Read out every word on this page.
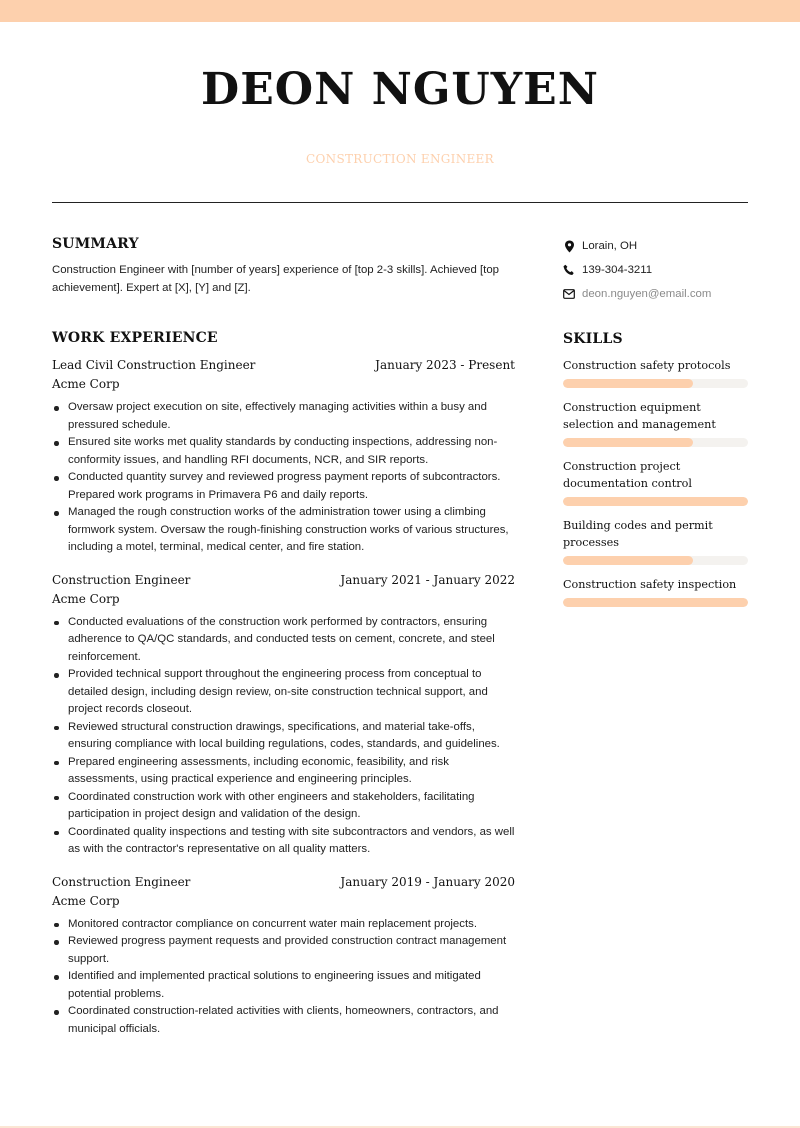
DEON NGUYEN
CONSTRUCTION ENGINEER
SUMMARY

Construction Engineer with [number of years] experience of [top 2-3 skills]. Achieved [top achievement]. Expert at [X], [Y] and [Z].

WORK EXPERIENCE
Lead Civil Construction Engineer	January 2023 - Present
Acme Corp
Oversaw project execution on site, effectively managing activities within a busy and pressured schedule.
Ensured site works met quality standards by conducting inspections, addressing non-conformity issues, and handling RFI documents, NCR, and SIR reports.
Conducted quantity survey and reviewed progress payment reports of subcontractors. Prepared work programs in Primavera P6 and daily reports.
Managed the rough construction works of the administration tower using a climbing formwork system. Oversaw the rough-finishing construction works of various structures, including a motel, terminal, medical center, and fire station.
Construction Engineer	January 2021 - January 2022
Acme Corp
Conducted evaluations of the construction work performed by contractors, ensuring adherence to QA/QC standards, and conducted tests on cement, concrete, and steel reinforcement.
Provided technical support throughout the engineering process from conceptual to detailed design, including design review, on-site construction technical support, and project records closeout.
Reviewed structural construction drawings, specifications, and material take-offs, ensuring compliance with local building regulations, codes, standards, and guidelines.
Prepared engineering assessments, including economic, feasibility, and risk assessments, using practical experience and engineering principles.
Coordinated construction work with other engineers and stakeholders, facilitating participation in project design and validation of the design.
Coordinated quality inspections and testing with site subcontractors and vendors, as well as with the contractor's representative on all quality matters.
Construction Engineer	January 2019 - January 2020
Acme Corp
Monitored contractor compliance on concurrent water main replacement projects.
Reviewed progress payment requests and provided construction contract management support.
Identified and implemented practical solutions to engineering issues and mitigated potential problems.
Coordinated construction-related activities with clients, homeowners, contractors, and municipal officials.
Lorain, OH
139-304-3211
deon.nguyen@email.com
SKILLS
Construction safety protocols
Construction equipment selection and management
Construction project documentation control
Building codes and permit processes
Construction safety inspection
